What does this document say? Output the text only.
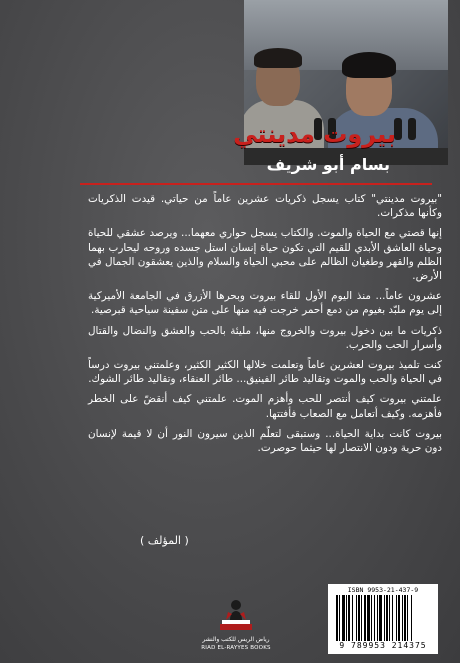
بيروت مدينتي
بسام أبو شريف

"بيروت مدينتي" كتاب يسجل ذكريات عشرين عاماً من حياتي. قيدت الذكريات وكأنها مذكرات.

إنها قصتي مع الحياة والموت. والكتاب يسجل حواري معهما... ويرصد عشقي للحياة وحياة العاشق الأبدي للقيم التي تكون حياة إنسان استل جسده وروحه ليحارب بهما الظلم والقهر وطغيان الظالم على محبي الحياة والسلام والذين يعشقون الجمال في الأرض.

عشرون عاماً... منذ اليوم الأول للقاء بيروت وبحرها الأزرق في الجامعة الأميركية إلى يوم ملبّد بغيوم من دمع أحمر خرجت فيه منها على متن سفينة سياحية قبرصية.

ذكريات ما بين دخول بيروت والخروج منها، مليئة بالحب والعشق والنضال والقتال وأسرار الحب والحرب.

كنت تلميذ بيروت لعشرين عاماً وتعلمت خلالها الكثير الكثير، وعلمتني بيروت درساً في الحياة والحب والموت وتقاليد طائر الفينيق... طائر العنقاء، وتقاليد طائر الشوك.

علمتني بيروت كيف أنتصر للحب وأهزم الموت. علمتني كيف أنقضّ على الخطر فأهزمه. وكيف أتعامل مع الصعاب فأفتتها.

بيروت كانت بداية الحياة... وستبقى لتعلّم الذين سيرون النور أن لا قيمة لإنسان دون حرية ودون الانتصار لها حيثما حوصرت.

( المؤلف )
رياض الريس للكتب والنشر
RIAD EL-RAYYES BOOKS
ISBN 9953-21-437-9
9 789953 214375
